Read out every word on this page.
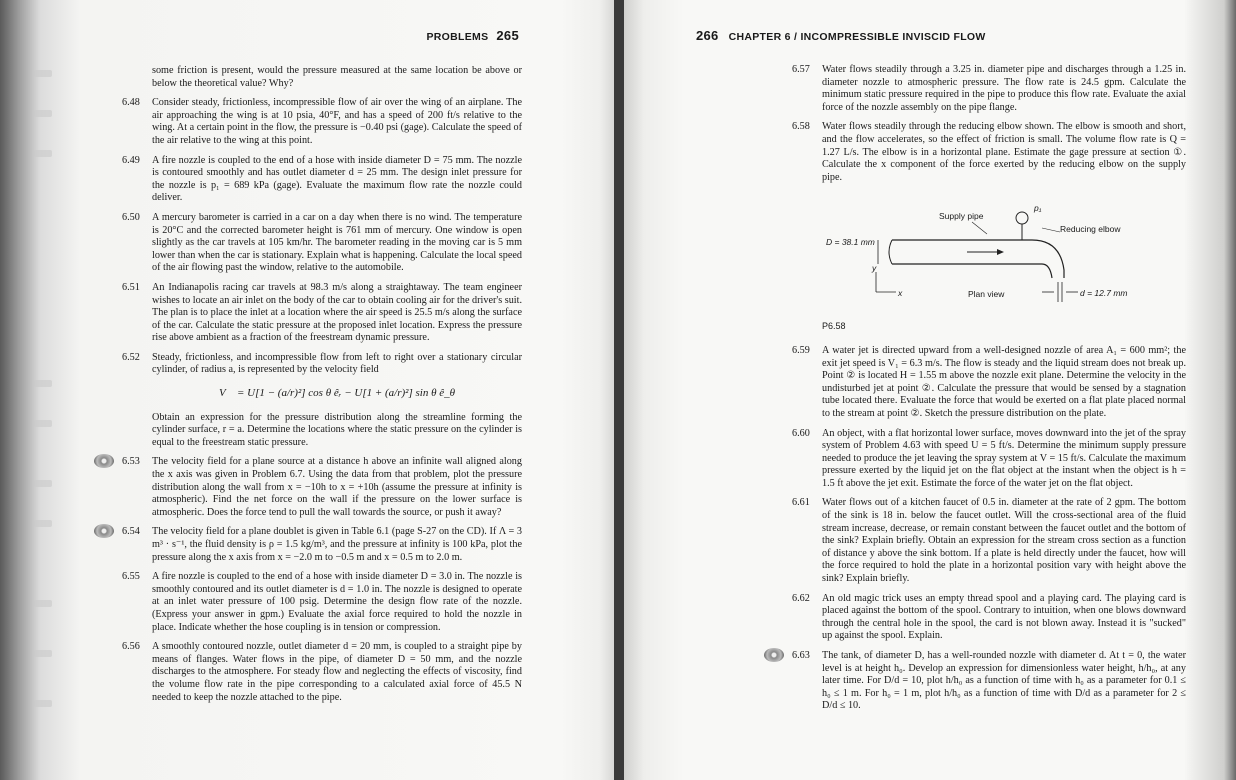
PROBLEMS 265
some friction is present, would the pressure measured at the same location be above or below the theoretical value? Why?
6.48 Consider steady, frictionless, incompressible flow of air over the wing of an airplane. The air approaching the wing is at 10 psia, 40°F, and has a speed of 200 ft/s relative to the wing. At a certain point in the flow, the pressure is −0.40 psi (gage). Calculate the speed of the air relative to the wing at this point.
6.49 A fire nozzle is coupled to the end of a hose with inside diameter D = 75 mm. The nozzle is contoured smoothly and has outlet diameter d = 25 mm. The design inlet pressure for the nozzle is p₁ = 689 kPa (gage). Evaluate the maximum flow rate the nozzle could deliver.
6.50 A mercury barometer is carried in a car on a day when there is no wind. The temperature is 20°C and the corrected barometer height is 761 mm of mercury. One window is open slightly as the car travels at 105 km/hr. The barometer reading in the moving car is 5 mm lower than when the car is stationary. Explain what is happening. Calculate the local speed of the air flowing past the window, relative to the automobile.
6.51 An Indianapolis racing car travels at 98.3 m/s along a straightaway. The team engineer wishes to locate an air inlet on the body of the car to obtain cooling air for the driver's suit. The plan is to place the inlet at a location where the air speed is 25.5 m/s along the surface of the car. Calculate the static pressure at the proposed inlet location. Express the pressure rise above ambient as a fraction of the freestream dynamic pressure.
6.52 Steady, frictionless, and incompressible flow from left to right over a stationary circular cylinder, of radius a, is represented by the velocity field
V⃗ = U[1 − (a/r)²] cos θ êᵣ − U[1 + (a/r)²] sin θ ê_θ
Obtain an expression for the pressure distribution along the streamline forming the cylinder surface, r = a. Determine the locations where the static pressure on the cylinder is equal to the freestream static pressure.
6.53 The velocity field for a plane source at a distance h above an infinite wall aligned along the x axis was given in Problem 6.7. Using the data from that problem, plot the pressure distribution along the wall from x = −10h to x = +10h (assume the pressure at infinity is atmospheric). Find the net force on the wall if the pressure on the lower surface is atmospheric. Does the force tend to pull the wall towards the source, or push it away?
6.54 The velocity field for a plane doublet is given in Table 6.1 (page S-27 on the CD). If Λ = 3 m³ · s⁻¹, the fluid density is ρ = 1.5 kg/m³, and the pressure at infinity is 100 kPa, plot the pressure along the x axis from x = −2.0 m to −0.5 m and x = 0.5 m to 2.0 m.
6.55 A fire nozzle is coupled to the end of a hose with inside diameter D = 3.0 in. The nozzle is smoothly contoured and its outlet diameter is d = 1.0 in. The nozzle is designed to operate at an inlet water pressure of 100 psig. Determine the design flow rate of the nozzle. (Express your answer in gpm.) Evaluate the axial force required to hold the nozzle in place. Indicate whether the hose coupling is in tension or compression.
6.56 A smoothly contoured nozzle, outlet diameter d = 20 mm, is coupled to a straight pipe by means of flanges. Water flows in the pipe, of diameter D = 50 mm, and the nozzle discharges to the atmosphere. For steady flow and neglecting the effects of viscosity, find the volume flow rate in the pipe corresponding to a calculated axial force of 45.5 N needed to keep the nozzle attached to the pipe.
266 CHAPTER 6 / INCOMPRESSIBLE INVISCID FLOW
6.57 Water flows steadily through a 3.25 in. diameter pipe and discharges through a 1.25 in. diameter nozzle to atmospheric pressure. The flow rate is 24.5 gpm. Calculate the minimum static pressure required in the pipe to produce this flow rate. Evaluate the axial force of the nozzle assembly on the pipe flange.
6.58 Water flows steadily through the reducing elbow shown. The elbow is smooth and short, and the flow accelerates, so the effect of friction is small. The volume flow rate is Q = 1.27 L/s. The elbow is in a horizontal plane. Estimate the gage pressure at section ①. Calculate the x component of the force exerted by the reducing elbow on the supply pipe.
Supply pipe
p₁
Reducing elbow
D = 38.1 mm
y
x	Plan view	d = 12.7 mm
P6.58
6.59 A water jet is directed upward from a well-designed nozzle of area A₁ = 600 mm²; the exit jet speed is V₁ = 6.3 m/s. The flow is steady and the liquid stream does not break up. Point ② is located H = 1.55 m above the nozzle exit plane. Determine the velocity in the undisturbed jet at point ②. Calculate the pressure that would be sensed by a stagnation tube located there. Evaluate the force that would be exerted on a flat plate placed normal to the stream at point ②. Sketch the pressure distribution on the plate.
6.60 An object, with a flat horizontal lower surface, moves downward into the jet of the spray system of Problem 4.63 with speed U = 5 ft/s. Determine the minimum supply pressure needed to produce the jet leaving the spray system at V = 15 ft/s. Calculate the maximum pressure exerted by the liquid jet on the flat object at the instant when the object is h = 1.5 ft above the jet exit. Estimate the force of the water jet on the flat object.
6.61 Water flows out of a kitchen faucet of 0.5 in. diameter at the rate of 2 gpm. The bottom of the sink is 18 in. below the faucet outlet. Will the cross-sectional area of the fluid stream increase, decrease, or remain constant between the faucet outlet and the bottom of the sink? Explain briefly. Obtain an expression for the stream cross section as a function of distance y above the sink bottom. If a plate is held directly under the faucet, how will the force required to hold the plate in a horizontal position vary with height above the sink? Explain briefly.
6.62 An old magic trick uses an empty thread spool and a playing card. The playing card is placed against the bottom of the spool. Contrary to intuition, when one blows downward through the central hole in the spool, the card is not blown away. Instead it is "sucked" up against the spool. Explain.
6.63 The tank, of diameter D, has a well-rounded nozzle with diameter d. At t = 0, the water level is at height h₀. Develop an expression for dimensionless water height, h/h₀, at any later time. For D/d = 10, plot h/h₀ as a function of time with h₀ as a parameter for 0.1 ≤ h₀ ≤ 1 m. For h₀ = 1 m, plot h/h₀ as a function of time with D/d as a parameter for 2 ≤ D/d ≤ 10.
